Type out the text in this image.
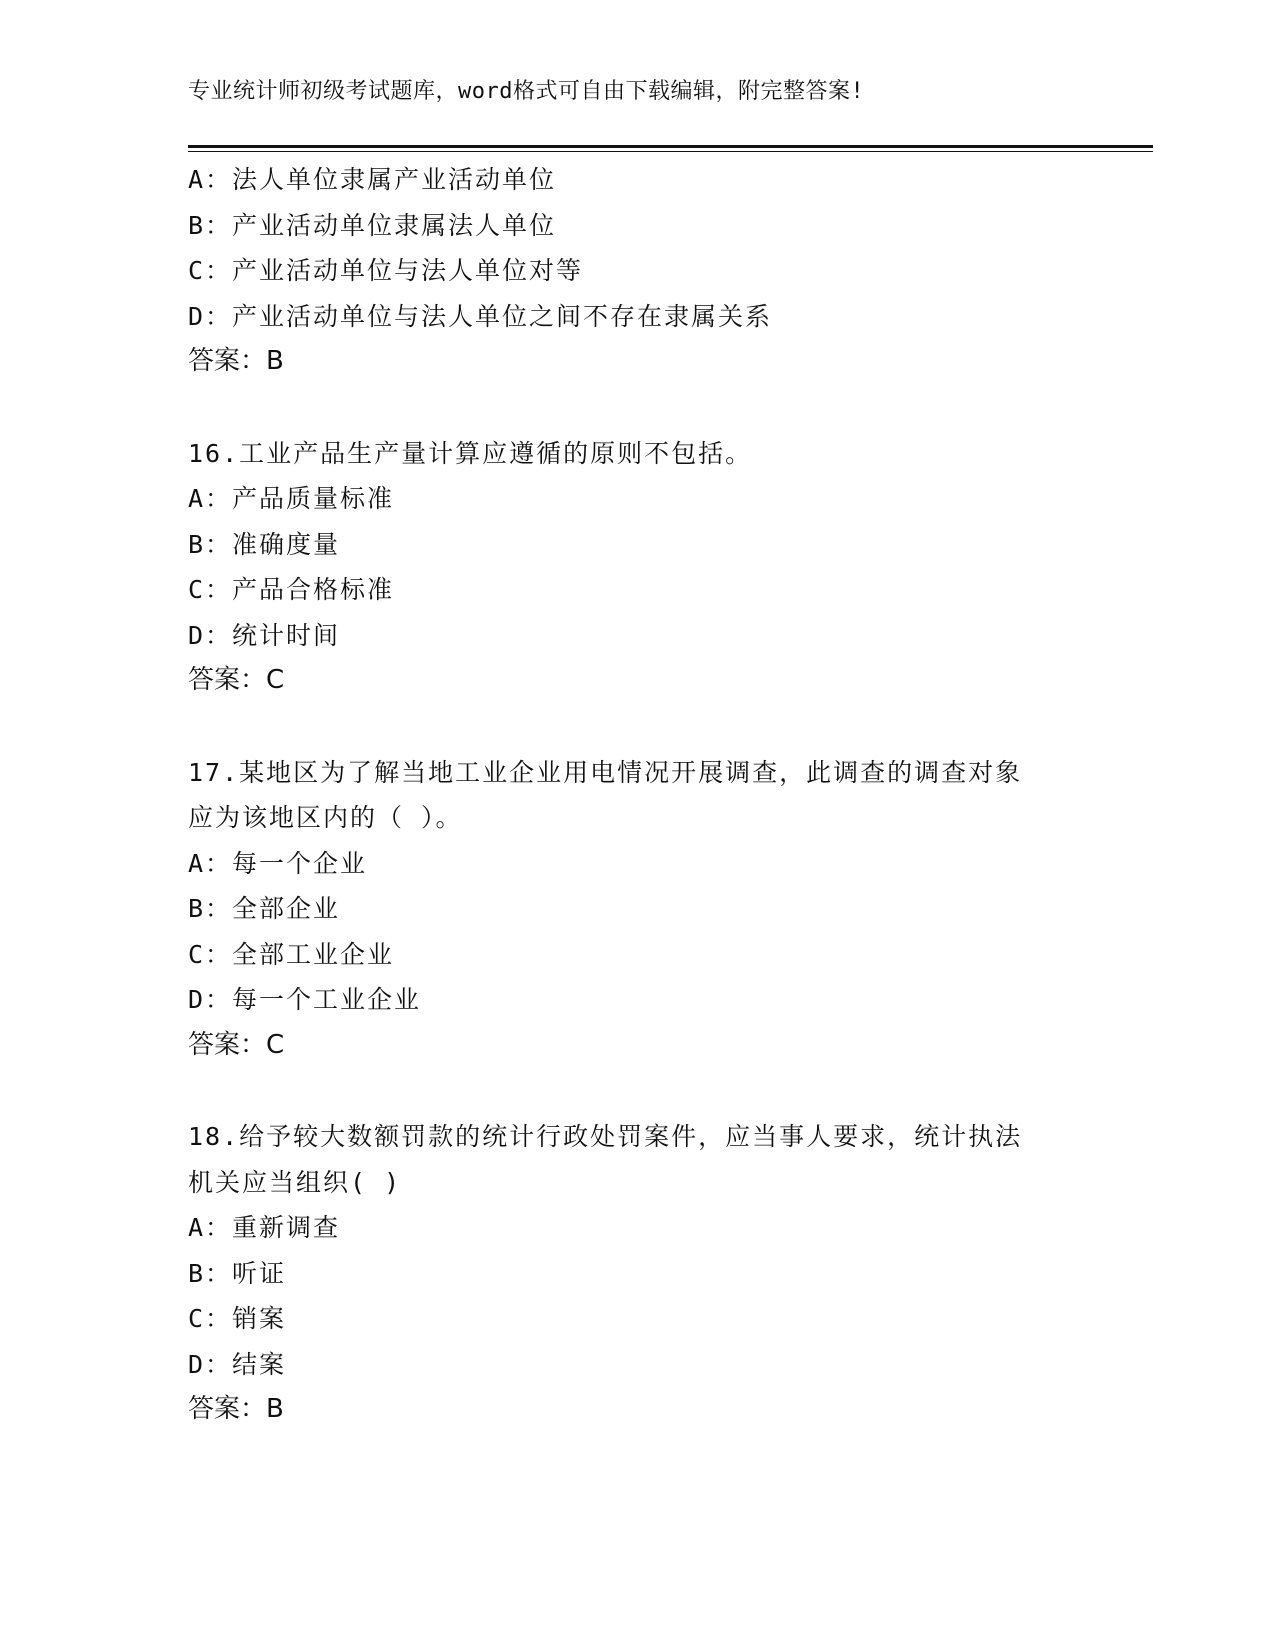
专业统计师初级考试题库，word格式可自由下载编辑，附完整答案!
A：法人单位隶属产业活动单位
B：产业活动单位隶属法人单位
C：产业活动单位与法人单位对等
D：产业活动单位与法人单位之间不存在隶属关系
答案：B
16.工业产品生产量计算应遵循的原则不包括。
A：产品质量标准
B：准确度量
C：产品合格标准
D：统计时间
答案：C
17.某地区为了解当地工业企业用电情况开展调查，此调查的调查对象
应为该地区内的（ ）。
A：每一个企业
B：全部企业
C：全部工业企业
D：每一个工业企业
答案：C
18.给予较大数额罚款的统计行政处罚案件，应当事人要求，统计执法
机关应当组织( )
A：重新调查
B：听证
C：销案
D：结案
答案：B
